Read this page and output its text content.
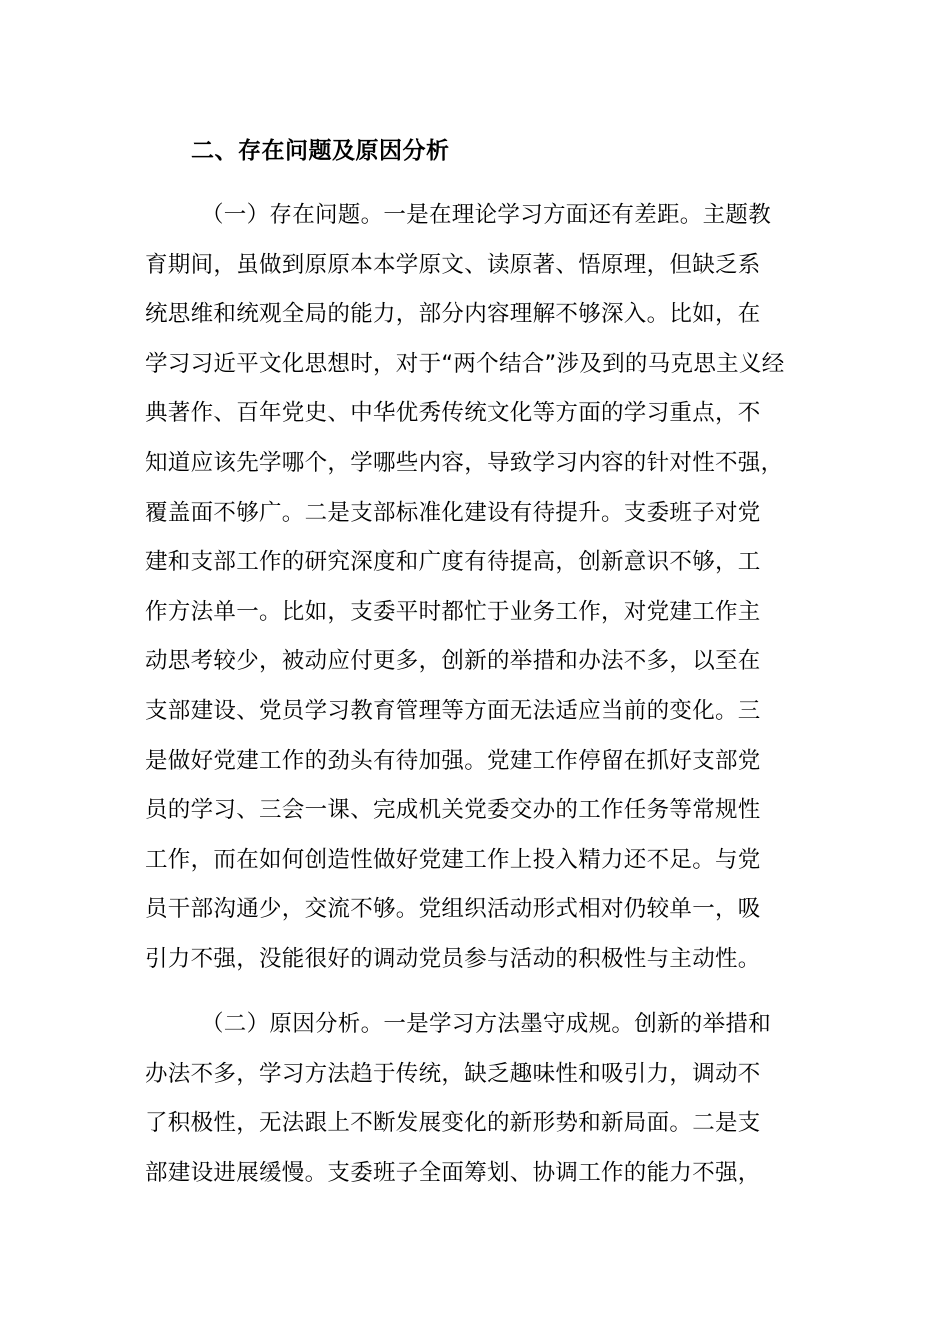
二、存在问题及原因分析
（一）存在问题。一是在理论学习方面还有差距。主题教
育期间，虽做到原原本本学原文、读原著、悟原理，但缺乏系
统思维和统观全局的能力，部分内容理解不够深入。比如，在
学习习近平文化思想时，对于“两个结合”涉及到的马克思主义经
典著作、百年党史、中华优秀传统文化等方面的学习重点，不
知道应该先学哪个，学哪些内容，导致学习内容的针对性不强，
覆盖面不够广。二是支部标准化建设有待提升。支委班子对党
建和支部工作的研究深度和广度有待提高，创新意识不够，工
作方法单一。比如，支委平时都忙于业务工作，对党建工作主
动思考较少，被动应付更多，创新的举措和办法不多，以至在
支部建设、党员学习教育管理等方面无法适应当前的变化。三
是做好党建工作的劲头有待加强。党建工作停留在抓好支部党
员的学习、三会一课、完成机关党委交办的工作任务等常规性
工作，而在如何创造性做好党建工作上投入精力还不足。与党
员干部沟通少，交流不够。党组织活动形式相对仍较单一，吸
引力不强，没能很好的调动党员参与活动的积极性与主动性。
（二）原因分析。一是学习方法墨守成规。创新的举措和
办法不多，学习方法趋于传统，缺乏趣味性和吸引力，调动不
了积极性，无法跟上不断发展变化的新形势和新局面。二是支
部建设进展缓慢。支委班子全面筹划、协调工作的能力不强，
